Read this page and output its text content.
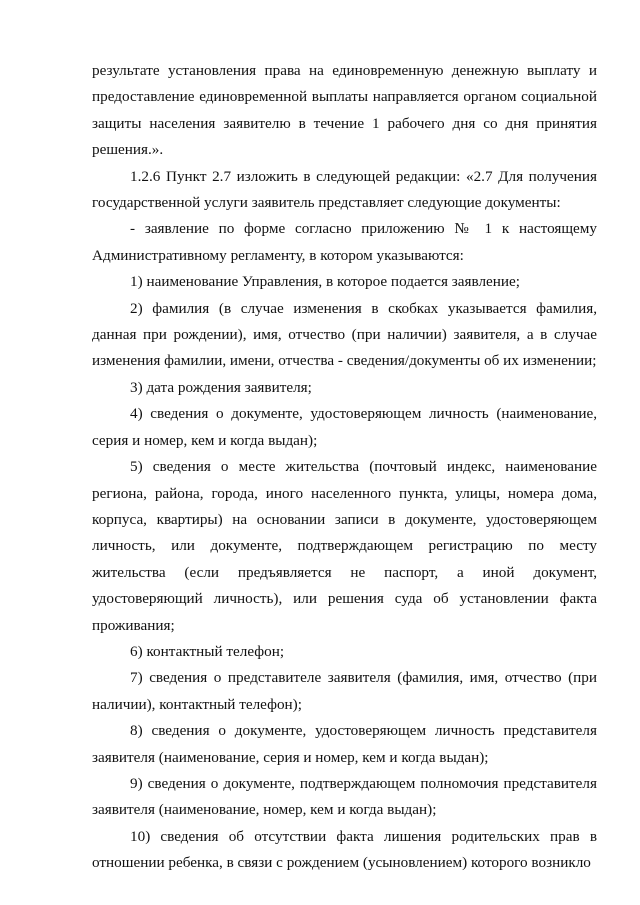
результате установления права на единовременную денежную выплату и предоставление единовременной выплаты направляется органом социальной защиты населения заявителю в течение 1 рабочего дня со дня принятия решения.».

1.2.6 Пункт 2.7 изложить в следующей редакции: «2.7 Для получения государственной услуги заявитель представляет следующие документы:

- заявление по форме согласно приложению № 1 к настоящему Административному регламенту, в котором указываются:

1) наименование Управления, в которое подается заявление;

2) фамилия (в случае изменения в скобках указывается фамилия, данная при рождении), имя, отчество (при наличии) заявителя, а в случае изменения фамилии, имени, отчества - сведения/документы об их изменении;

3) дата рождения заявителя;

4) сведения о документе, удостоверяющем личность (наименование, серия и номер, кем и когда выдан);

5) сведения о месте жительства (почтовый индекс, наименование региона, района, города, иного населенного пункта, улицы, номера дома, корпуса, квартиры) на основании записи в документе, удостоверяющем личность, или документе, подтверждающем регистрацию по месту жительства (если предъявляется не паспорт, а иной документ, удостоверяющий личность), или решения суда об установлении факта проживания;

6) контактный телефон;

7) сведения о представителе заявителя (фамилия, имя, отчество (при наличии), контактный телефон);

8) сведения о документе, удостоверяющем личность представителя заявителя (наименование, серия и номер, кем и когда выдан);

9) сведения о документе, подтверждающем полномочия представителя заявителя (наименование, номер, кем и когда выдан);

10) сведения об отсутствии факта лишения родительских прав в отношении ребенка, в связи с рождением (усыновлением) которого возникло
